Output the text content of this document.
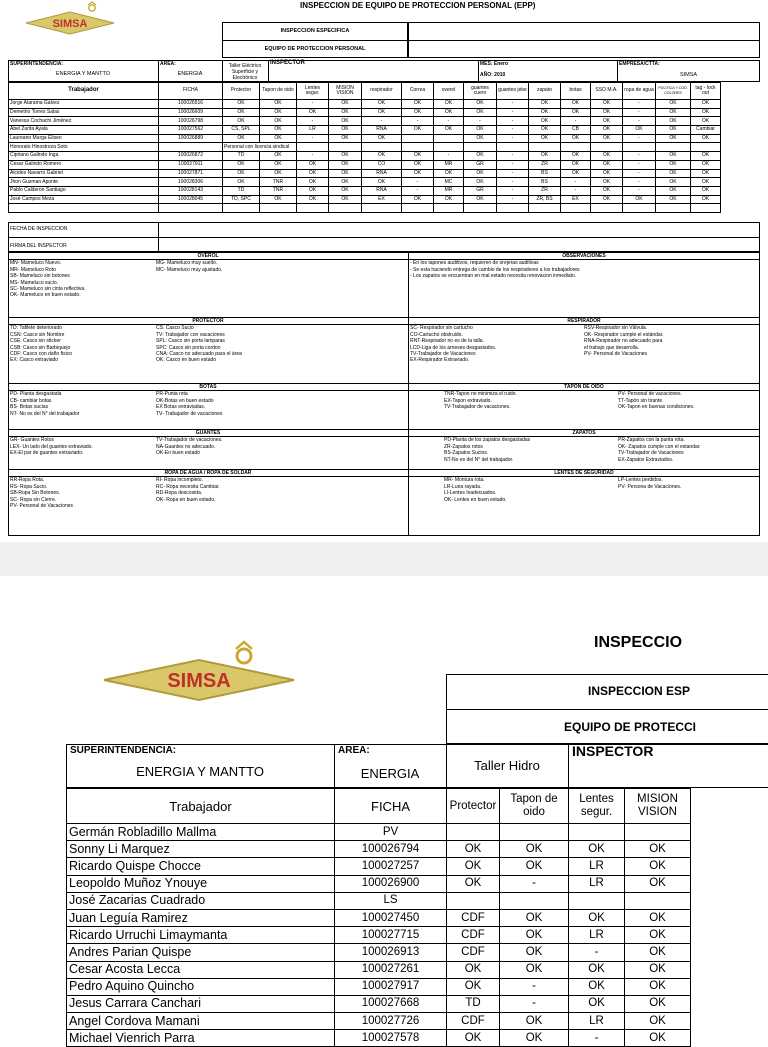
SIMSA
INSPECCION DE EQUIPO DE PROTECCION PERSONAL (EPP)
INSPECCION ESPECIFICA
EQUIPO DE PROTECCION PERSONAL
SUPERINTENDENCIA:
ENERGIA Y MANTTO
AREA:
ENERGIA
Taller Eléctrico Superficie y Electrónico
INSPECTOR	MES: Enero
AÑO: 2010
EMPRESA/CTTA:
SIMSA
Trabajador	FICHA	Protector	Tapon de oido	Lentes segur.	MISION VISION	respirador	Correa	overol	guantes cuero	guantes jebe	zapato	botas	SSO M.A.	ropa de agua	POLITICA Y COD. COLORES	tag - lock out
Jorge Atarama Galvez	100026516	OK	OK	-	OK	OK	OK	OK	OK	-	OK	OK	OK	-	OK	OK
Demetrio Torres Salas	100026609	OK	OK	OK	OK	OK	OK	OK	OK	-	OK	OK	OK	-	OK	OK
Vanessa Cochachi Jiménez	100026798	OK	OK	-	OK	-	-	-	-	-	OK	-	OK	-	OK	OK
Abel Zurita Ayala	100027562	CS, SPL	OK	LR	OK	RNA	OK	OK	OK	-	OK	CB	OK	OK	OK	Cambiar
Laureano Murga Eliseo	100026889	OK	OK	-	OK	OK			OK	-	OK	OK	OK	-	OK	OK
Honorato Hinostroza Soto		Personal con licencia sindical														
Cipriano Galindo Inga	100026872	TD	OK	-	OK	OK	OK	-	OK	-	OK	OK	OK	-	OK	OK
Cesar Galindo Romero	100027911	OK	OK	OK	OK	CO	OK	MR	GR	-	ZR	OK	OK	-	OK	OK
Alcides Navarro Gabriel	100027871	OK	OK	OK	OK	RNA	OK	OK	OK	-	BS	OK	OK	-	OK	OK
Jhon Guzman Aponte	100028306	OK	TNR	OK	OK	OK	-	MC	OK	-	BS	-	OK	-	OK	OK
Pablo Calderon Santiago	100028143	TD	TNR	OK	OK	RNA	-	MR	GR	-	ZR	-	OK	-	OK	OK
José Campos Meza	100028045	TD, SPC	OK	OK	OK	EX	OK	OK	OK	-	ZR, BS	EX	OK	OK	OK	OK

FECHA DE INSPECCION
FIRMA DEL INSPECTOR
OVEROL
MN- Mameluco Nuevo.
MR- Mameluco Roto
SB- Mameluco sin botones
MS- Mameluco sucio.
SC- Mameluco sin cinta reflectiva.
OK- Mameluco en buen estado.
MG- Mameluco muy suelto.
MC- Mameluco muy ajustado.
PROTECTOR
TD: Tafilete deteriorado
CSN: Casco sin Nombre
CSE: Casco sin sticker
CSB: Casco sin Barbiquejo
CDF: Casco con daño fisico
EX: Casco extraviado
CS: Casco Sucio
TV: Trabajador con vacaciones
SPL: Casco sin porta lamparas
SPC: Casco sin porta cordon
CNA: Casco no adecuado para el área
OK: Casco en buen estado
BOTAS
PD- Planta desgastada
CB- cambiar botas
BS- Botas sucias
NT- No es del N° del trabajador
PR-Punta rota
OK-Botas en buen estado
EX Botas extraviadas.
TV- Trabajador de vacaciones
GUANTES
GR- Guantes Rotos
LEX- Un lado del guantes extraviado.
EX-El par de guantes extraviado.
TV-Trabajador de vacaciones.
NA-Guantes no adecuado.
OK-En buen estado
ROPA DE AGUA / ROPA DE SOLDAR
RR-Ropa Rota.
RS- Ropa Sucio.
SB-Ropa Sin Botones.
SC- Ropa sin Cierre.
PV- Personal de Vacaciones
RI- Ropa incompleto.
RC- Ropa necesita Cambiar.
RD-Ropa descosida.
OK- Ropa en buen estado.
OBSERVACIONES
- En los tapones auditivos, requieren de orejeras auditivas
- Se esta haciendo entrega de cambio de los respiradores a los trabajadores
- Los zapatos se encuentran en mal estado necesita renovacion inmediato.
RESPIRADOR
SC- Respirador sin cartucho
CO-Cartucho obstruido.
RNT-Respirador no es de la talla.
LCD-Liga de los arneses desgastados.
TV-Trabajador de Vacaciones
EX-Respirador Extraviado.
RSV-Respirador sin Válvula.
OK- Respirador cumple el estándar.
RNA-Respirador no adecuado para
el trabajo que desarrolla.
PV- Personal de Vacaciones
TAPON DE OIDO
TNR-Tapon no minimiza el ruido.
EX-Tapon extraviado.
TV-Trabajador de vacaciones.
PV- Personal de vacaciones.
TT-Tapón sin tirante.
OK-Tapon en buenas condiciones.
ZAPATOS
PD-Planta de los zapatos desgastadas
ZR-Zapatos rotos
BS-Zapatos Sucios.
NT-No es del N° del trabajador.
PR-Zapatos con la punta rota.
OK- Zapatos cumple con el estandar.
TV-Trabajador de Vacaciones
EX-Zapatos Extraviados.
LENTES DE SEGURIDAD
MR- Montura rota.
LR-Luna rayada.
LI-Lentes Inadecuados.
OK- Lentes en buen estado.
LP-Lentes perdidos.
PV- Persona de Vacaciones.
SIMSA
INSPECCIO
INSPECCION ESP
EQUIPO DE PROTECCI
SUPERINTENDENCIA:
ENERGIA Y MANTTO
AREA:
ENERGIA
Taller Hidro
INSPECTOR
Trabajador	FICHA	Protector	Tapon de oido	Lentes segur.	MISION VISION
Germán Robladillo Mallma	PV				
Sonny Li Marquez	100026794	OK	OK	OK	OK
Ricardo Quispe Chocce	100027257	OK	OK	LR	OK
Leopoldo Muñoz Ynouye	100026900	OK	-	LR	OK
José Zacarias Cuadrado	LS				
Juan Leguía Ramirez	100027450	CDF	OK	OK	OK
Ricardo Urruchi Limaymanta	100027715	CDF	OK	LR	OK
Andres Parian Quispe	100026913	CDF	OK	-	OK
Cesar Acosta Lecca	100027261	OK	OK	OK	OK
Pedro Aquino Quincho	100027917	OK	-	OK	OK
Jesus Carrara Canchari	100027668	TD	-	OK	OK
Angel Cordova Mamani	100027726	CDF	OK	LR	OK
Michael Vienrich Parra	100027578	OK	OK	-	OK
